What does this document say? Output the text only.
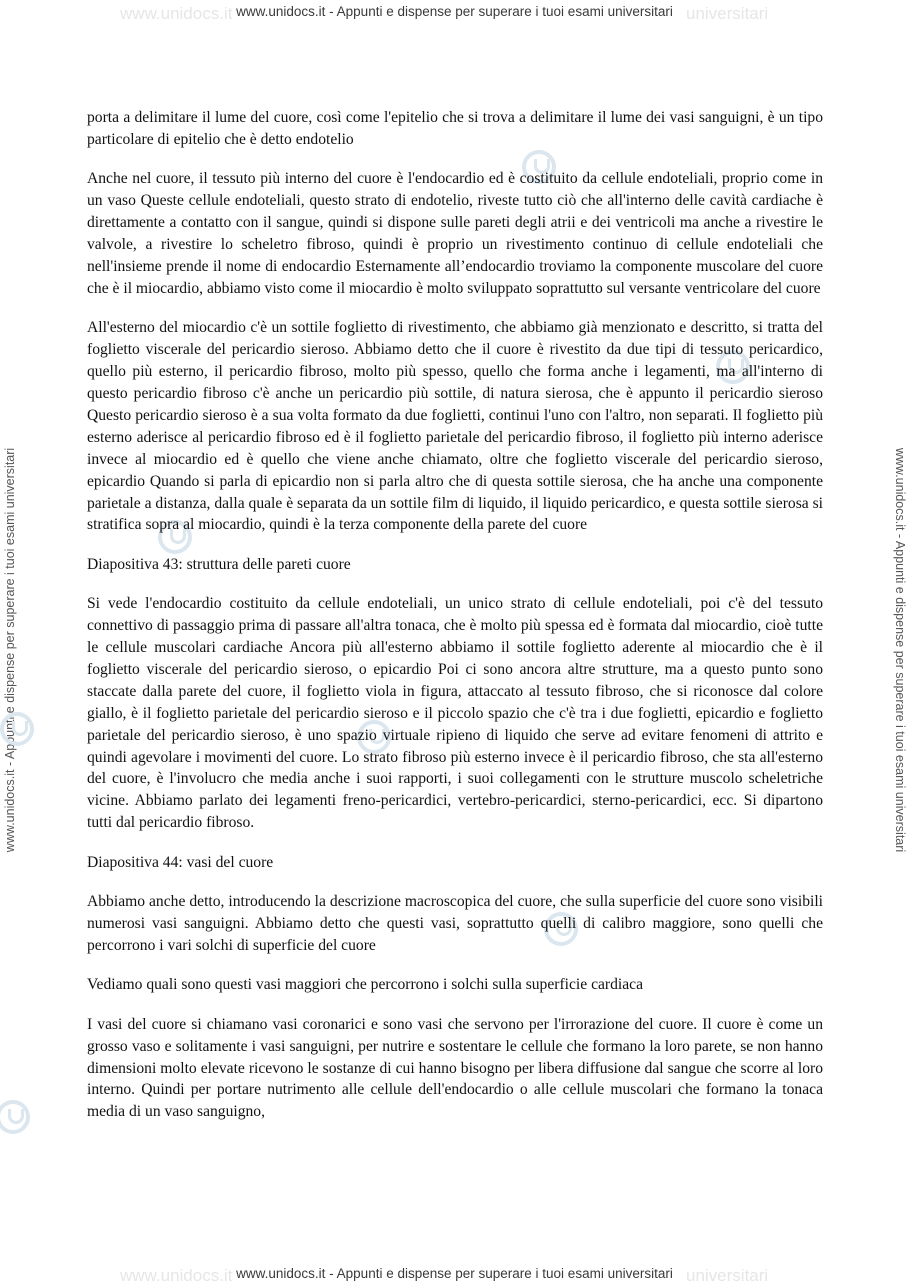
www.unidocs.it	universitari
www.unidocs.it - Appunti e dispense per superare i tuoi esami universitari
www.unidocs.it - Appunti e dispense per superare i tuoi esami universitari	www.unidocs.it - Appunti e dispense per superare i tuoi esami universitari

porta a delimitare il lume del cuore, così come l'epitelio che si trova a delimitare il lume dei vasi sanguigni, è un tipo particolare di epitelio che è detto endotelio

Anche nel cuore, il tessuto più interno del cuore è l'endocardio ed è costituito da cellule endoteliali, proprio come in un vaso Queste cellule endoteliali, questo strato di endotelio, riveste tutto ciò che all'interno delle cavità cardiache è direttamente a contatto con il sangue, quindi si dispone sulle pareti degli atrii e dei ventricoli ma anche a rivestire le valvole, a rivestire lo scheletro fibroso, quindi è proprio un rivestimento continuo di cellule endoteliali che nell'insieme prende il nome di endocardio Esternamente all’endocardio troviamo la componente muscolare del cuore che è il miocardio, abbiamo visto come il miocardio è molto sviluppato soprattutto sul versante ventricolare del cuore

All'esterno del miocardio c'è un sottile foglietto di rivestimento, che abbiamo già menzionato e descritto, si tratta del foglietto viscerale del pericardio sieroso. Abbiamo detto che il cuore è rivestito da due tipi di tessuto pericardico, quello più esterno, il pericardio fibroso, molto più spesso, quello che forma anche i legamenti, ma all'interno di questo pericardio fibroso c'è anche un pericardio più sottile, di natura sierosa, che è appunto il pericardio sieroso Questo pericardio sieroso è a sua volta formato da due foglietti, continui l'uno con l'altro, non separati. Il foglietto più esterno aderisce al pericardio fibroso ed è il foglietto parietale del pericardio fibroso, il foglietto più interno aderisce invece al miocardio ed è quello che viene anche chiamato, oltre che foglietto viscerale del pericardio sieroso, epicardio Quando si parla di epicardio non si parla altro che di questa sottile sierosa, che ha anche una componente parietale a distanza, dalla quale è separata da un sottile film di liquido, il liquido pericardico, e questa sottile sierosa si stratifica sopra al miocardio, quindi è la terza componente della parete del cuore

Diapositiva 43: struttura delle pareti cuore

Si vede l'endocardio costituito da cellule endoteliali, un unico strato di cellule endoteliali, poi c'è del tessuto connettivo di passaggio prima di passare all'altra tonaca, che è molto più spessa ed è formata dal miocardio, cioè tutte le cellule muscolari cardiache Ancora più all'esterno abbiamo il sottile foglietto aderente al miocardio che è il foglietto viscerale del pericardio sieroso, o epicardio Poi ci sono ancora altre strutture, ma a questo punto sono staccate dalla parete del cuore, il foglietto viola in figura, attaccato al tessuto fibroso, che si riconosce dal colore giallo, è il foglietto parietale del pericardio sieroso e il piccolo spazio che c'è tra i due foglietti, epicardio e foglietto parietale del pericardio sieroso, è uno spazio virtuale ripieno di liquido che serve ad evitare fenomeni di attrito e quindi agevolare i movimenti del cuore. Lo strato fibroso più esterno invece è il pericardio fibroso, che sta all'esterno del cuore, è l'involucro che media anche i suoi rapporti, i suoi collegamenti con le strutture muscolo scheletriche vicine. Abbiamo parlato dei legamenti freno-pericardici, vertebro-pericardici, sterno-pericardici, ecc. Si dipartono tutti dal pericardio fibroso.

Diapositiva 44: vasi del cuore

Abbiamo anche detto, introducendo la descrizione macroscopica del cuore, che sulla superficie del cuore sono visibili numerosi vasi sanguigni. Abbiamo detto che questi vasi, soprattutto quelli di calibro maggiore, sono quelli che percorrono i vari solchi di superficie del cuore

Vediamo quali sono questi vasi maggiori che percorrono i solchi sulla superficie cardiaca

I vasi del cuore si chiamano vasi coronarici e sono vasi che servono per l'irrorazione del cuore. Il cuore è come un grosso vaso e solitamente i vasi sanguigni, per nutrire e sostentare le cellule che formano la loro parete, se non hanno dimensioni molto elevate ricevono le sostanze di cui hanno bisogno per libera diffusione dal sangue che scorre al loro interno. Quindi per portare nutrimento alle cellule dell'endocardio o alle cellule muscolari che formano la tonaca media di un vaso sanguigno,

www.unidocs.it	universitari
www.unidocs.it - Appunti e dispense per superare i tuoi esami universitari
